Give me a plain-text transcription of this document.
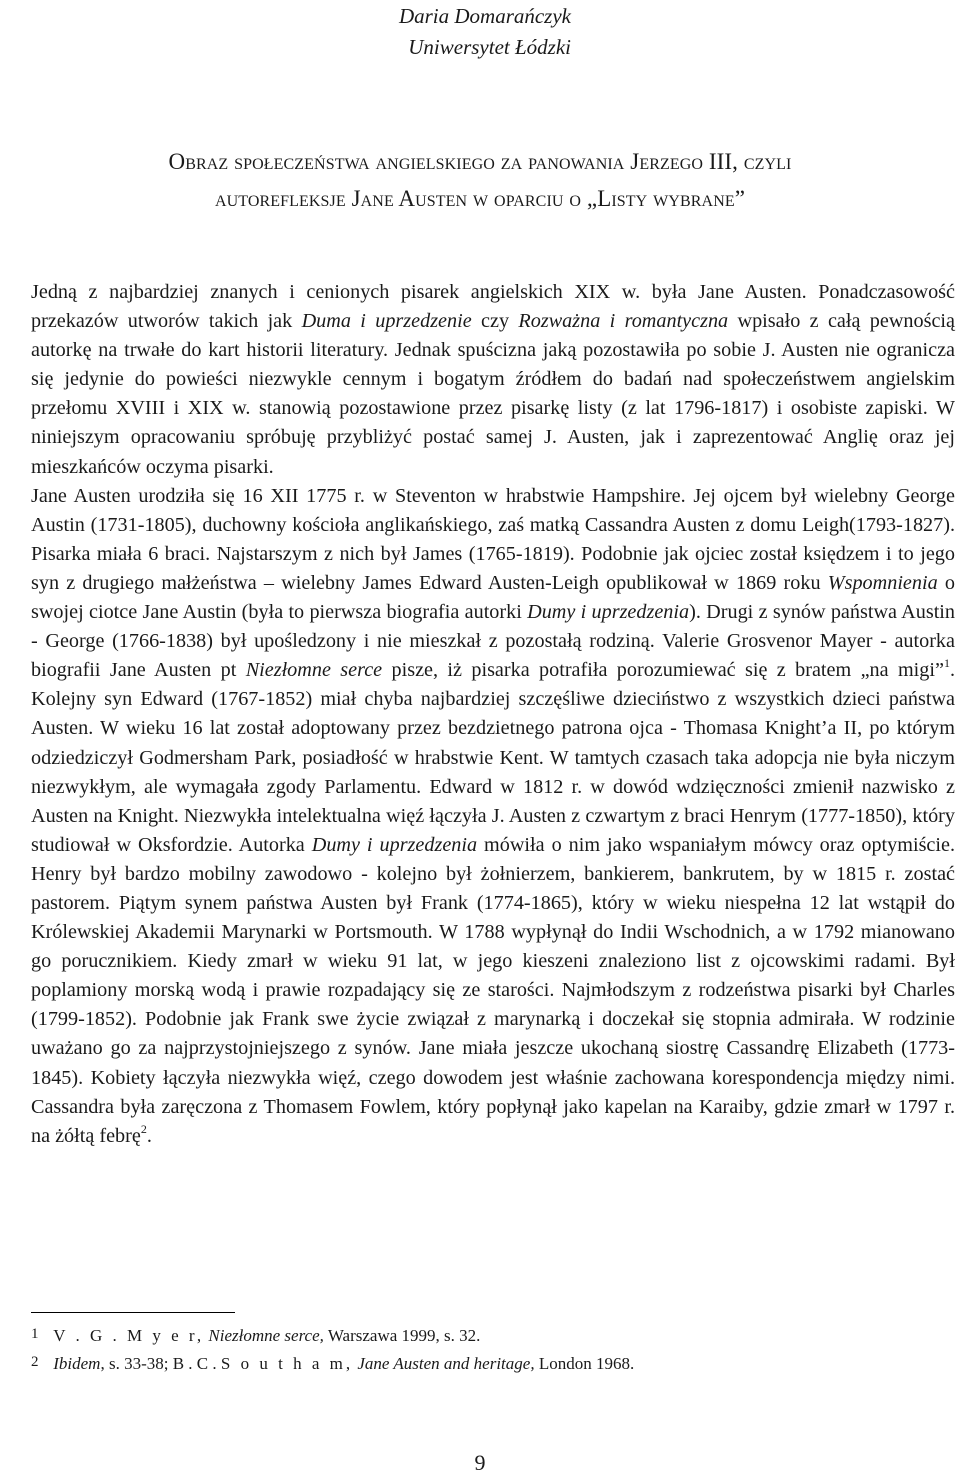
Daria Domarańczyk
Uniwersytet Łódzki
Obraz społeczeństwa angielskiego za panowania Jerzego III, czyli
autorefleksje Jane Austen w oparciu o „Listy wybrane”

Jedną z najbardziej znanych i cenionych pisarek angielskich XIX w. była Jane Austen. Ponadczasowość przekazów utworów takich jak Duma i uprzedzenie czy Rozważna i romantyczna wpisało z całą pewnością autorkę na trwałe do kart historii literatury. Jednak spuścizna jaką pozostawiła po sobie J. Austen nie ogranicza się jedynie do powieści niezwykle cennym i bogatym źródłem do badań nad społeczeństwem angielskim przełomu XVIII i XIX w. stanowią pozostawione przez pisarkę listy (z lat 1796-1817) i osobiste zapiski. W niniejszym opracowaniu spróbuję przybliżyć postać samej J. Austen, jak i zaprezentować Anglię oraz jej mieszkańców oczyma pisarki.

Jane Austen urodziła się 16 XII 1775 r. w Steventon w hrabstwie Hampshire. Jej ojcem był wielebny George Austin (1731-1805), duchowny kościoła anglikańskiego, zaś matką Cassandra Austen z domu Leigh(1793-1827). Pisarka miała 6 braci. Najstarszym z nich był James (1765-1819). Podobnie jak ojciec został księdzem i to jego syn z drugiego małżeństwa – wielebny James Edward Austen-Leigh opublikował w 1869 roku Wspomnienia o swojej ciotce Jane Austin (była to pierwsza biografia autorki Dumy i uprzedzenia). Drugi z synów państwa Austin - George (1766-1838) był upośledzony i nie mieszkał z pozostałą rodziną. Valerie Grosvenor Mayer - autorka biografii Jane Austen pt Niezłomne serce pisze, iż pisarka potrafiła porozumiewać się z bratem „na migi”$^1$. Kolejny syn Edward (1767-1852) miał chyba najbardziej szczęśliwe dzieciństwo z wszystkich dzieci państwa Austen. W wieku 16 lat został adoptowany przez bezdzietnego patrona ojca - Thomasa Knight’a II, po którym odziedziczył Godmersham Park, posiadłość w hrabstwie Kent. W tamtych czasach taka adopcja nie była niczym niezwykłym, ale wymagała zgody Parlamentu. Edward w 1812 r. w dowód wdzięczności zmienił nazwisko z Austen na Knight. Niezwykła intelektualna więź łączyła J. Austen z czwartym z braci Henrym (1777-1850), który studiował w Oksfordzie. Autorka Dumy i uprzedzenia mówiła o nim jako wspaniałym mówcy oraz optymiście. Henry był bardzo mobilny zawodowo - kolejno był żołnierzem, bankierem, bankrutem, by w 1815 r. zostać pastorem. Piątym synem państwa Austen był Frank (1774-1865), który w wieku niespełna 12 lat wstąpił do Królewskiej Akademii Marynarki w Portsmouth. W 1788 wypłynął do Indii Wschodnich, a w 1792 mianowano go porucznikiem. Kiedy zmarł w wieku 91 lat, w jego kieszeni znaleziono list z ojcowskimi radami. Był poplamiony morską wodą i prawie rozpadający się ze starości. Najmłodszym z rodzeństwa pisarki był Charles (1799-1852). Podobnie jak Frank swe życie związał z marynarką i doczekał się stopnia admirała. W rodzinie uważano go za najprzystojniejszego z synów. Jane miała jeszcze ukochaną siostrę Cassandrę Elizabeth (1773-1845). Kobiety łączyła niezwykła więź, czego dowodem jest właśnie zachowana korespondencja między nimi. Cassandra była zaręczona z Thomasem Fowlem, który popłynął jako kapelan na Karaiby, gdzie zmarł w 1797 r. na żółtą febrę$^2$.

1 V . G . M y e r, Niezłomne serce, Warszawa 1999, s. 32.
2 Ibidem, s. 33-38; B . C . S o u t h a m, Jane Austen and heritage, London 1968.
9
